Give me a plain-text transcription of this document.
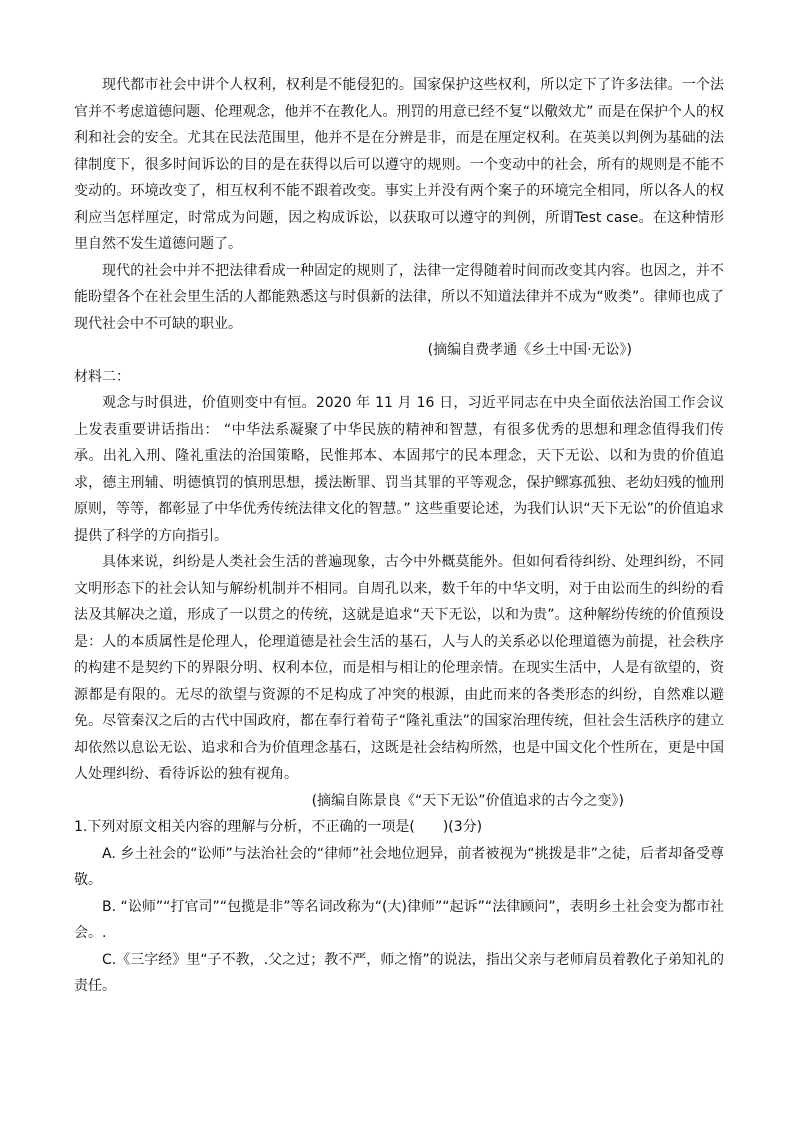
现代都市社会中讲个人权利，权利是不能侵犯的。国家保护这些权利，所以定下了许多法律。一个法官并不考虑道德问题、伦理观念，他并不在教化人。刑罚的用意已经不复“以儆效尤” 而是在保护个人的权利和社会的安全。尤其在民法范围里，他并不是在分辨是非，而是在厘定权利。在英美以判例为基础的法律制度下，很多时间诉讼的目的是在获得以后可以遵守的规则。一个变动中的社会，所有的规则是不能不变动的。环境改变了，相互权利不能不跟着改变。事实上并没有两个案子的环境完全相同，所以各人的权利应当怎样厘定，时常成为问题，因之构成诉讼，以获取可以遵守的判例，所谓Test case。在这种情形里自然不发生道德问题了。

现代的社会中并不把法律看成一种固定的规则了，法律一定得随着时间而改变其内容。也因之，并不能盼望各个在社会里生活的人都能熟悉这与时俱新的法律，所以不知道法律并不成为“败类”。律师也成了现代社会中不可缺的职业。

(摘编自费孝通《乡土中国·无讼》)

材料二：

观念与时俱进，价值则变中有恒。2020 年 11 月 16 日，习近平同志在中央全面依法治国工作会议上发表重要讲话指出： “中华法系凝聚了中华民族的精神和智慧，有很多优秀的思想和理念值得我们传承。出礼入刑、隆礼重法的治国策略，民惟邦本、本固邦宁的民本理念，天下无讼、以和为贵的价值追求，德主刑辅、明德慎罚的慎刑思想，援法断罪、罚当其罪的平等观念，保护鳏寡孤独、老幼妇残的恤刑原则，等等，都彰显了中华优秀传统法律文化的智慧。” 这些重要论述，为我们认识“天下无讼”的价值追求提供了科学的方向指引。

具体来说，纠纷是人类社会生活的普遍现象，古今中外概莫能外。但如何看待纠纷、处理纠纷，不同文明形态下的社会认知与解纷机制并不相同。自周孔以来，数千年的中华文明，对于由讼而生的纠纷的看法及其解决之道，形成了一以贯之的传统，这就是追求“天下无讼，以和为贵”。这种解纷传统的价值预设是：人的本质属性是伦理人，伦理道德是社会生活的基石，人与人的关系必以伦理道德为前提，社会秩序的构建不是契约下的界限分明、权利本位，而是相与相让的伦理亲情。在现实生活中，人是有欲望的，资源都是有限的。无尽的欲望与资源的不足构成了冲突的根源，由此而来的各类形态的纠纷，自然难以避免。尽管秦汉之后的古代中国政府，都在奉行着荀子“隆礼重法”的国家治理传统，但社会生活秩序的建立却依然以息讼无讼、追求和合为价值理念基石，这既是社会结构所然，也是中国文化个性所在，更是中国人处理纠纷、看待诉讼的独有视角。

(摘编自陈景良《“天下无讼”价值追求的古今之变》)

1.下列对原文相关内容的理解与分析，不正确的一项是(　　)(3分)

A. 乡土社会的“讼师”与法治社会的“律师”社会地位迥异，前者被视为“挑拨是非”之徒，后者却备受尊敬。

B. “讼师”“打官司”“包揽是非”等名词改称为“(大)律师”“起诉”“法律顾问”，表明乡土社会变为都市社会。.

C.《三字经》里“子不教，.父之过；教不严，师之惰”的说法，指出父亲与老师肩员着教化子弟知礼的责任。
